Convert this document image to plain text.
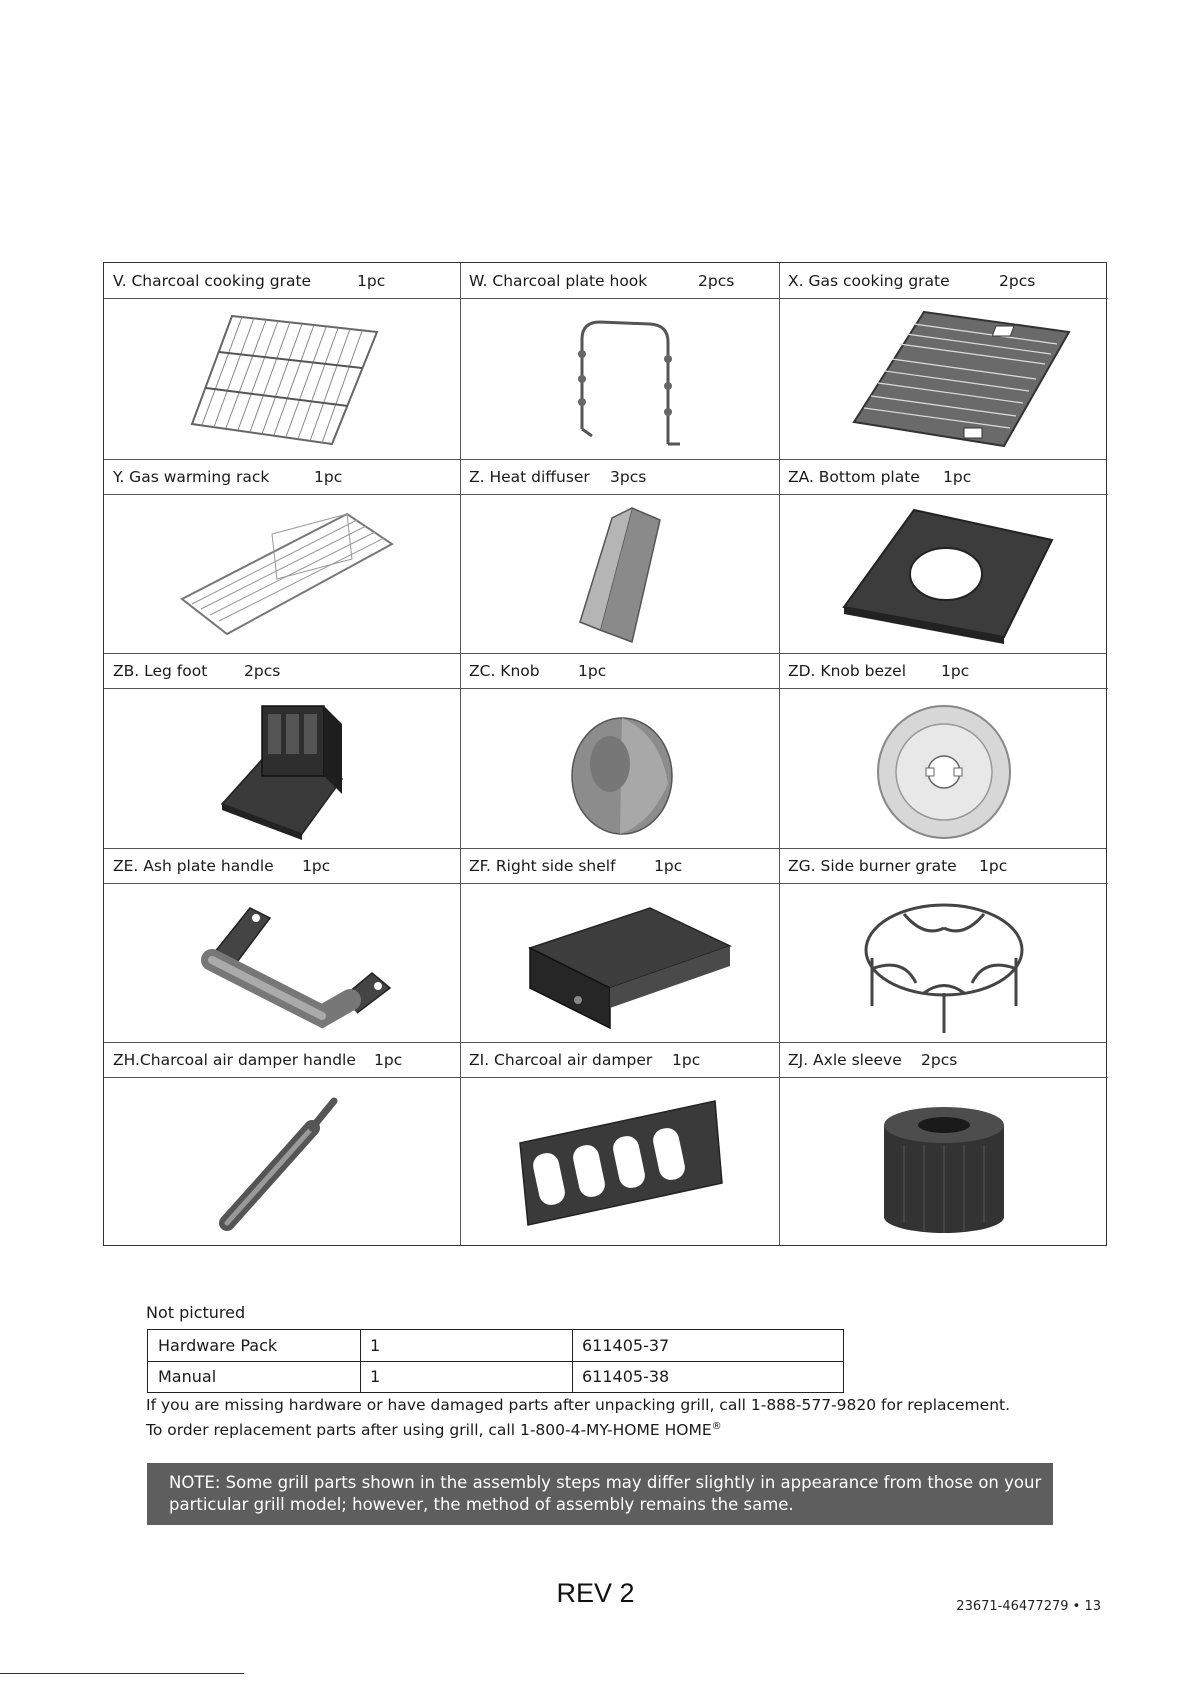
V. Charcoal cooking grate	1pc	W. Charcoal plate hook	2pcs	X. Gas cooking grate	2pcs
Y. Gas warming rack	1pc	Z. Heat diffuser 3pcs	ZA. Bottom plate 1pc
ZB. Leg foot 2pcs	ZC. Knob 1pc	ZD. Knob bezel 1pc
ZE. Ash plate handle 1pc	ZF. Right side shelf 1pc	ZG. Side burner grate 1pc
ZH.Charcoal air damper handle 1pc	ZI. Charcoal air damper 1pc	ZJ. Axle sleeve 2pcs
Not pictured
Hardware Pack	1	611405-37
Manual	1	611405-38
If you are missing hardware or have damaged parts after unpacking grill, call 1-888-577-9820 for replacement.
To order replacement parts after using grill, call 1-800-4-MY-HOME HOME®
NOTE: Some grill parts shown in the assembly steps may differ slightly in appearance from those on your
particular grill model; however, the method of assembly remains the same.
REV 2	23671-46477279 • 13
